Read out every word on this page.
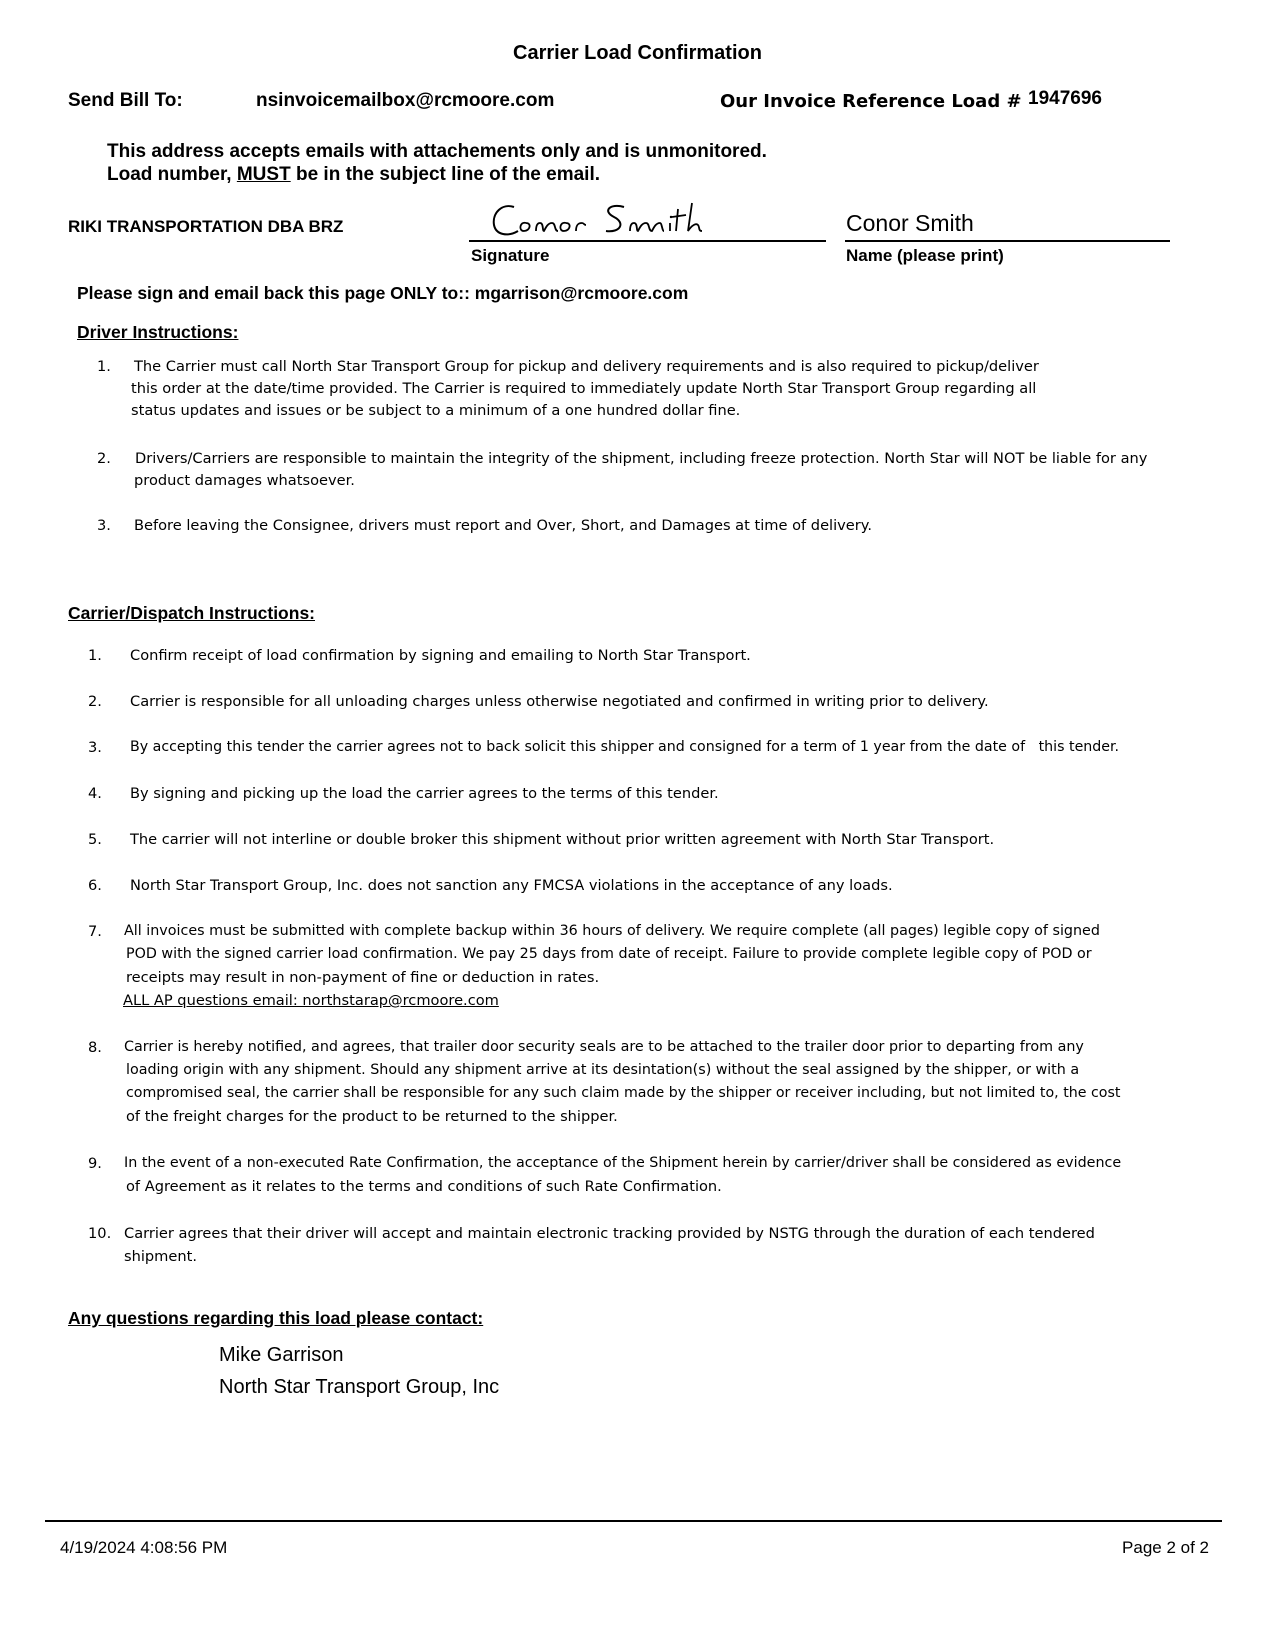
Carrier Load Confirmation
Send Bill To:	nsinvoicemailbox@rcmoore.com	Our Invoice Reference Load # 1947696
This address accepts emails with attachements only and is unmonitored.
Load number, MUST be in the subject line of the email.
RIKI TRANSPORTATION DBA BRZ
Signature
Conor Smith
Name (please print)
Please sign and email back this page ONLY to:: mgarrison@rcmoore.com
Driver Instructions:
1. The Carrier must call North Star Transport Group for pickup and delivery requirements and is also required to pickup/deliver
this order at the date/time provided. The Carrier is required to immediately update North Star Transport Group regarding all
status updates and issues or be subject to a minimum of a one hundred dollar fine.
2. Drivers/Carriers are responsible to maintain the integrity of the shipment, including freeze protection. North Star will NOT be liable for any
product damages whatsoever.
3. Before leaving the Consignee, drivers must report and Over, Short, and Damages at time of delivery.
Carrier/Dispatch Instructions:
1. Confirm receipt of load confirmation by signing and emailing to North Star Transport.
2. Carrier is responsible for all unloading charges unless otherwise negotiated and confirmed in writing prior to delivery.
3. By accepting this tender the carrier agrees not to back solicit this shipper and consigned for a term of 1 year from the date of   this tender.
4. By signing and picking up the load the carrier agrees to the terms of this tender.
5. The carrier will not interline or double broker this shipment without prior written agreement with North Star Transport.
6. North Star Transport Group, Inc. does not sanction any FMCSA violations in the acceptance of any loads.
7. All invoices must be submitted with complete backup within 36 hours of delivery. We require complete (all pages) legible copy of signed
POD with the signed carrier load confirmation. We pay 25 days from date of receipt. Failure to provide complete legible copy of POD or
receipts may result in non-payment of fine or deduction in rates.
ALL AP questions email: northstarap@rcmoore.com
8. Carrier is hereby notified, and agrees, that trailer door security seals are to be attached to the trailer door prior to departing from any
loading origin with any shipment. Should any shipment arrive at its desintation(s) without the seal assigned by the shipper, or with a
compromised seal, the carrier shall be responsible for any such claim made by the shipper or receiver including, but not limited to, the cost
of the freight charges for the product to be returned to the shipper.
9. In the event of a non-executed Rate Confirmation, the acceptance of the Shipment herein by carrier/driver shall be considered as evidence
of Agreement as it relates to the terms and conditions of such Rate Confirmation.
10. Carrier agrees that their driver will accept and maintain electronic tracking provided by NSTG through the duration of each tendered
shipment.
Any questions regarding this load please contact:
Mike Garrison
North Star Transport Group, Inc
4/19/2024 4:08:56 PM	Page 2 of 2
